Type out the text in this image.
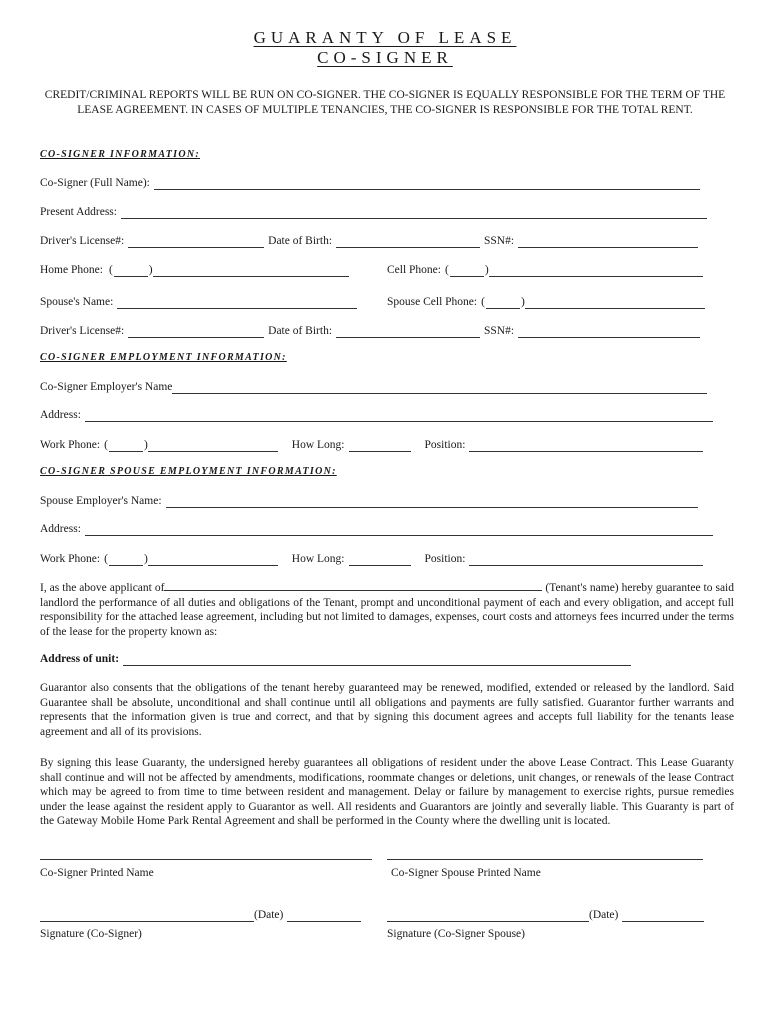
GUARANTY OF LEASE
CO-SIGNER
CREDIT/CRIMINAL REPORTS WILL BE RUN ON CO-SIGNER. THE CO-SIGNER IS EQUALLY RESPONSIBLE FOR THE TERM OF THE LEASE AGREEMENT. IN CASES OF MULTIPLE TENANCIES, THE CO-SIGNER IS RESPONSIBLE FOR THE TOTAL RENT.
CO-SIGNER INFORMATION:
Co-Signer (Full Name):
Present Address:
Driver's License#:	Date of Birth:	SSN#:
Home Phone: (	)	Cell Phone: (	)
Spouse's Name:	Spouse Cell Phone: (	)
Driver's License#:	Date of Birth:	SSN#:
CO-SIGNER EMPLOYMENT INFORMATION:
Co-Signer Employer's Name
Address:
Work Phone: (	)	How Long:	Position:
CO-SIGNER SPOUSE EMPLOYMENT INFORMATION:
Spouse Employer's Name:
Address:
Work Phone: (	)	How Long:	Position:
I, as the above applicant of	(Tenant's name) hereby guarantee to said landlord the performance of all duties and obligations of the Tenant, prompt and unconditional payment of each and every obligation, and accept full responsibility for the attached lease agreement, including but not limited to damages, expenses, court costs and attorneys fees incurred under the terms of the lease for the property known as:
Address of unit:
Guarantor also consents that the obligations of the tenant hereby guaranteed may be renewed, modified, extended or released by the landlord. Said Guarantee shall be absolute, unconditional and shall continue until all obligations and payments are fully satisfied. Guarantor further warrants and represents that the information given is true and correct, and that by signing this document agrees and accepts full liability for the tenants lease agreement and all of its provisions.
By signing this lease Guaranty, the undersigned hereby guarantees all obligations of resident under the above Lease Contract. This Lease Guaranty shall continue and will not be affected by amendments, modifications, roommate changes or deletions, unit changes, or renewals of the lease Contract which may be agreed to from time to time between resident and management. Delay or failure by management to exercise rights, pursue remedies under the lease against the resident apply to Guarantor as well. All residents and Guarantors are jointly and severally liable. This Guaranty is part of the Gateway Mobile Home Park Rental Agreement and shall be performed in the County where the dwelling unit is located.
Co-Signer Printed Name	Co-Signer Spouse Printed Name
(Date)	(Date)
Signature (Co-Signer)	Signature (Co-Signer Spouse)
